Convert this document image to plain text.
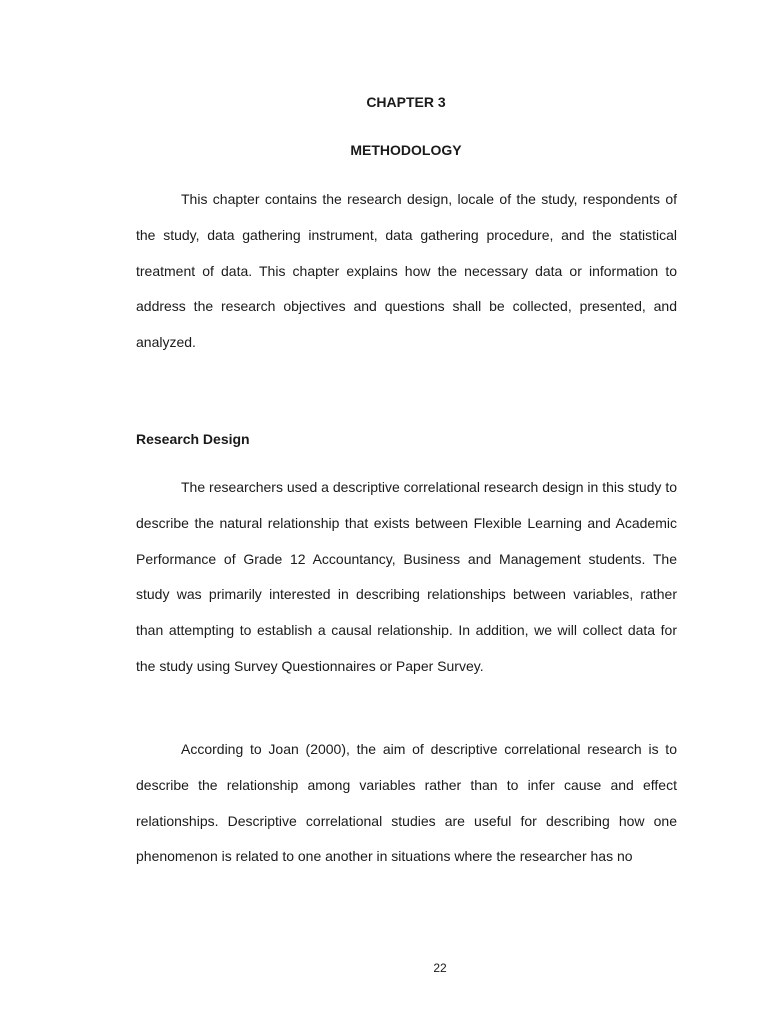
CHAPTER 3
METHODOLOGY

This chapter contains the research design, locale of the study, respondents of the study, data gathering instrument, data gathering procedure, and the statistical treatment of data. This chapter explains how the necessary data or information to address the research objectives and questions shall be collected, presented, and analyzed.

Research Design

The researchers used a descriptive correlational research design in this study to describe the natural relationship that exists between Flexible Learning and Academic Performance of Grade 12 Accountancy, Business and Management students. The study was primarily interested in describing relationships between variables, rather than attempting to establish a causal relationship. In addition, we will collect data for the study using Survey Questionnaires or Paper Survey.

According to Joan (2000), the aim of descriptive correlational research is to describe the relationship among variables rather than to infer cause and effect relationships. Descriptive correlational studies are useful for describing how one phenomenon is related to one another in situations where the researcher has no

22
